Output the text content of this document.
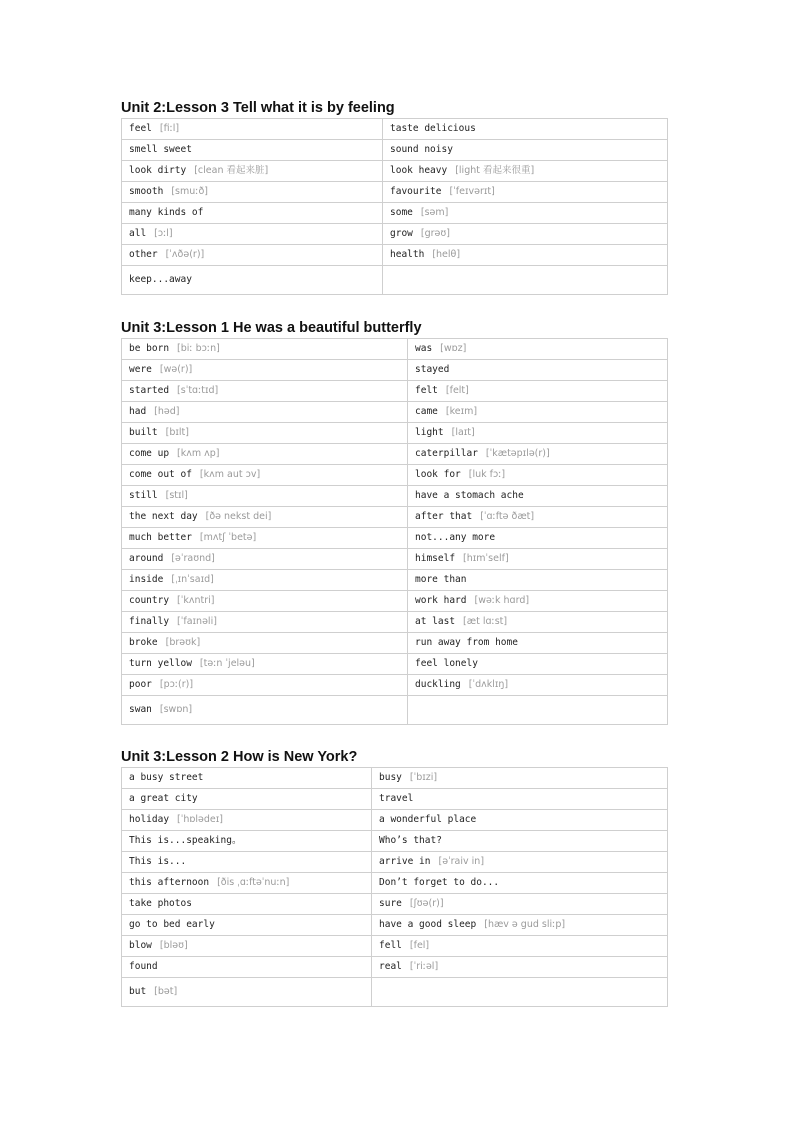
Unit 2:Lesson 3 Tell what it is by feeling
feel [fiːl]	taste delicious
smell sweet	sound noisy
look dirty [clean 看起来脏]	look heavy [light 看起来很重]
smooth [smuːð]	favourite [ˈfeɪvərɪt]
many kinds of	some [səm]
all [ɔːl]	grow [grəʊ]
other [ˈʌðə(r)]	health [helθ]
keep...away	
Unit 3:Lesson 1 He was a beautiful butterfly
be born [biː bɔːn]	was [wɒz]
were [wə(r)]	stayed
started [sˈtɑːtɪd]	felt [felt]
had [həd]	came [keɪm]
built [bɪlt]	light [laɪt]
come up [kʌm ʌp]	caterpillar [ˈkætəpɪlə(r)]
come out of [kʌm aut ɔv]	look for [luk fɔː]
still [stɪl]	have a stomach ache
the next day [ðə nekst dei]	after that [ˈɑːftə ðæt]
much better [mʌtʃ ˈbetə]	not...any more
around [əˈraʊnd]	himself [hɪmˈself]
inside [ˌɪnˈsaɪd]	more than
country [ˈkʌntri]	work hard [wəːk hɑrd]
finally [ˈfaɪnəli]	at last [æt lɑːst]
broke [brəʊk]	run away from home
turn yellow [təːn ˈjeləu]	feel lonely
poor [pɔː(r)]	duckling [ˈdʌklɪŋ]
swan [swɒn]	
Unit 3:Lesson 2 How is New York?
a busy street	busy [ˈbɪzi]
a great city	travel
holiday [ˈhɒlədeɪ]	a wonderful place
This is...speaking。	Who’s that?
This is...	arrive in [əˈraiv in]
this afternoon [ðis ˌɑːftəˈnuːn]	Don’t forget to do...
take photos	sure [ʃʊə(r)]
go to bed early	have a good sleep [hæv ə gud sliːp]
blow [bləʊ]	fell [fel]
found	real [ˈriːəl]
but [bət]	
